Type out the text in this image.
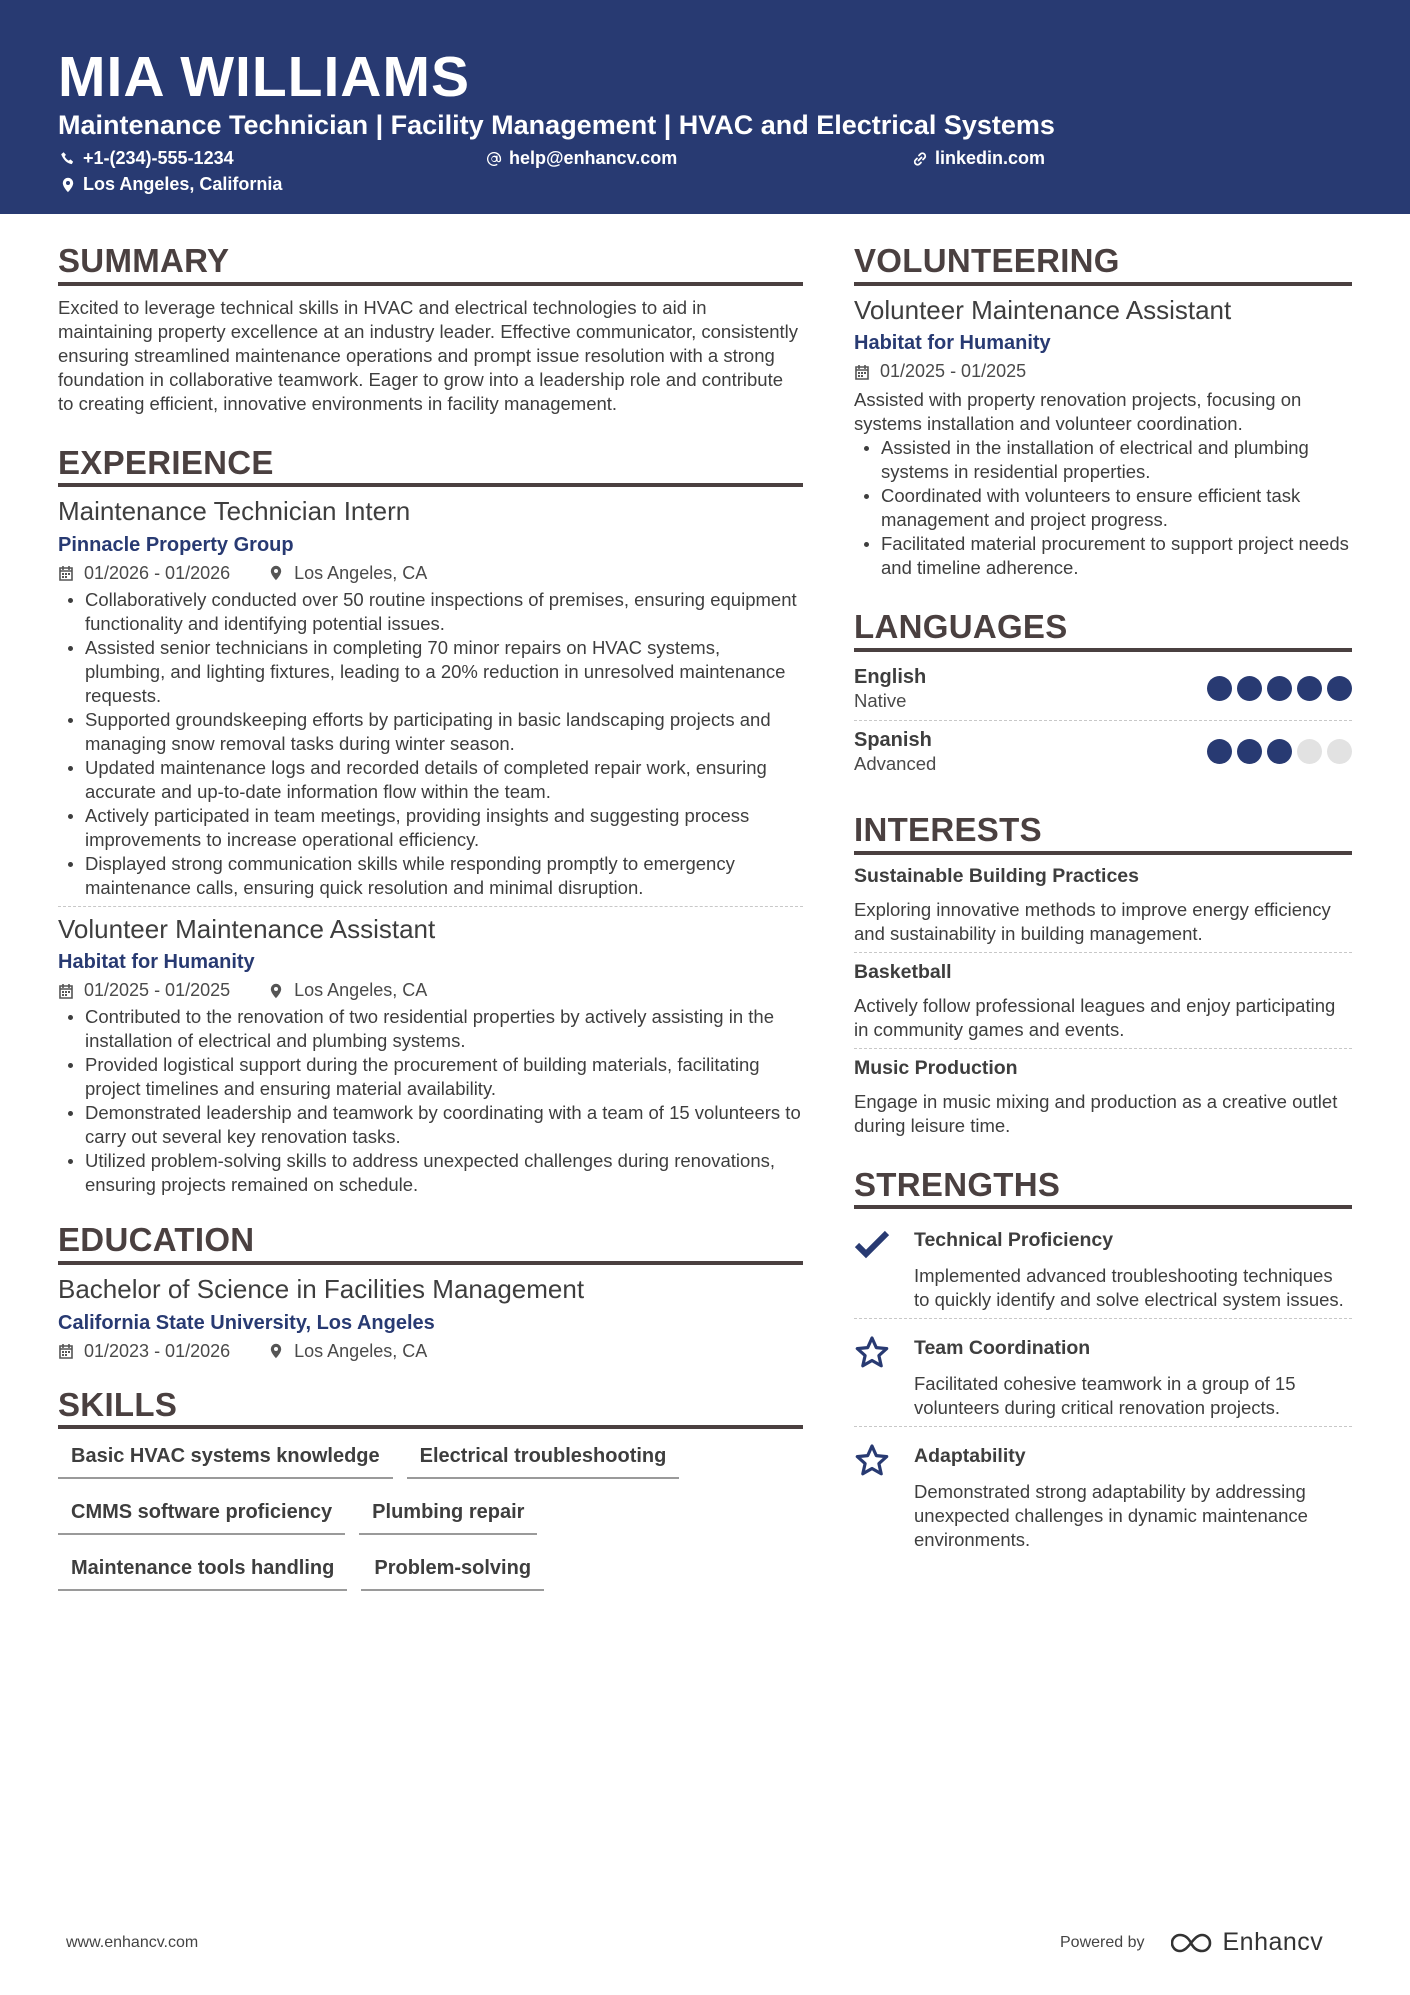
MIA WILLIAMS
Maintenance Technician | Facility Management | HVAC and Electrical Systems
+1-(234)-555-1234	help@enhancv.com	linkedin.com
Los Angeles, California
SUMMARY
Excited to leverage technical skills in HVAC and electrical technologies to aid in maintaining property excellence at an industry leader. Effective communicator, consistently ensuring streamlined maintenance operations and prompt issue resolution with a strong foundation in collaborative teamwork. Eager to grow into a leadership role and contribute to creating efficient, innovative environments in facility management.
EXPERIENCE
Maintenance Technician Intern
Pinnacle Property Group
01/2026 - 01/2026	Los Angeles, CA
Collaboratively conducted over 50 routine inspections of premises, ensuring equipment functionality and identifying potential issues.
Assisted senior technicians in completing 70 minor repairs on HVAC systems, plumbing, and lighting fixtures, leading to a 20% reduction in unresolved maintenance requests.
Supported groundskeeping efforts by participating in basic landscaping projects and managing snow removal tasks during winter season.
Updated maintenance logs and recorded details of completed repair work, ensuring accurate and up-to-date information flow within the team.
Actively participated in team meetings, providing insights and suggesting process improvements to increase operational efficiency.
Displayed strong communication skills while responding promptly to emergency maintenance calls, ensuring quick resolution and minimal disruption.
Volunteer Maintenance Assistant
Habitat for Humanity
01/2025 - 01/2025	Los Angeles, CA
Contributed to the renovation of two residential properties by actively assisting in the installation of electrical and plumbing systems.
Provided logistical support during the procurement of building materials, facilitating project timelines and ensuring material availability.
Demonstrated leadership and teamwork by coordinating with a team of 15 volunteers to carry out several key renovation tasks.
Utilized problem-solving skills to address unexpected challenges during renovations, ensuring projects remained on schedule.
EDUCATION
Bachelor of Science in Facilities Management
California State University, Los Angeles
01/2023 - 01/2026	Los Angeles, CA
SKILLS
Basic HVAC systems knowledge	Electrical troubleshooting
CMMS software proficiency	Plumbing repair
Maintenance tools handling	Problem-solving
VOLUNTEERING
Volunteer Maintenance Assistant
Habitat for Humanity
01/2025 - 01/2025
Assisted with property renovation projects, focusing on systems installation and volunteer coordination.
Assisted in the installation of electrical and plumbing systems in residential properties.
Coordinated with volunteers to ensure efficient task management and project progress.
Facilitated material procurement to support project needs and timeline adherence.
LANGUAGES
English
Native
Spanish
Advanced
INTERESTS
Sustainable Building Practices
Exploring innovative methods to improve energy efficiency and sustainability in building management.
Basketball
Actively follow professional leagues and enjoy participating in community games and events.
Music Production
Engage in music mixing and production as a creative outlet during leisure time.
STRENGTHS
Technical Proficiency
Implemented advanced troubleshooting techniques to quickly identify and solve electrical system issues.
Team Coordination
Facilitated cohesive teamwork in a group of 15 volunteers during critical renovation projects.
Adaptability
Demonstrated strong adaptability by addressing unexpected challenges in dynamic maintenance environments.
www.enhancv.com	Powered by	Enhancv
